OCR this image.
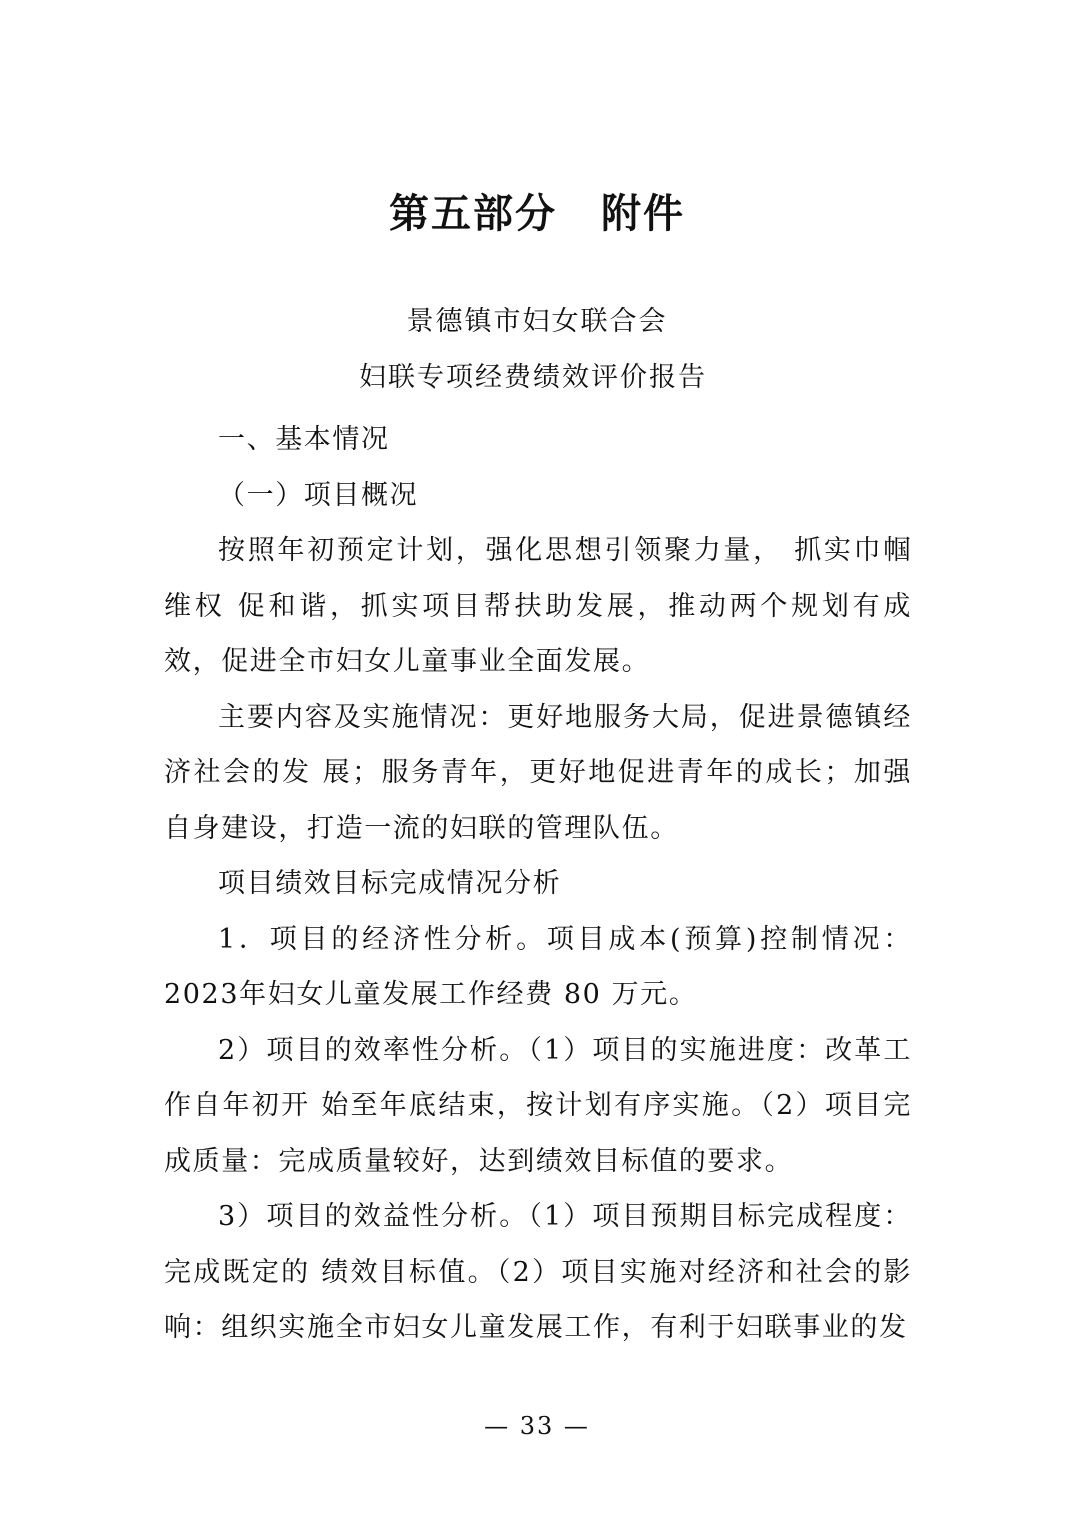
第五部分 附件
景德镇市妇女联合会
妇联专项经费绩效评价报告

一、基本情况

（一）项目概况

按照年初预定计划，强化思想引领聚力量， 抓实巾帼维权 促和谐，抓实项目帮扶助发展，推动两个规划有成效，促进全市妇女儿童事业全面发展。

主要内容及实施情况：更好地服务大局，促进景德镇经济社会的发 展；服务青年，更好地促进青年的成长；加强自身建设，打造一流的妇联的管理队伍。

项目绩效目标完成情况分析

1．项目的经济性分析。项目成本(预算)控制情况：2023年妇女儿童发展工作经费 80 万元。

2）项目的效率性分析。（1）项目的实施进度：改革工作自年初开 始至年底结束，按计划有序实施。（2）项目完成质量：完成质量较好，达到绩效目标值的要求。

3）项目的效益性分析。（1）项目预期目标完成程度：完成既定的 绩效目标值。（2）项目实施对经济和社会的影响：组织实施全市妇女儿童发展工作，有利于妇联事业的发

— 33 —
